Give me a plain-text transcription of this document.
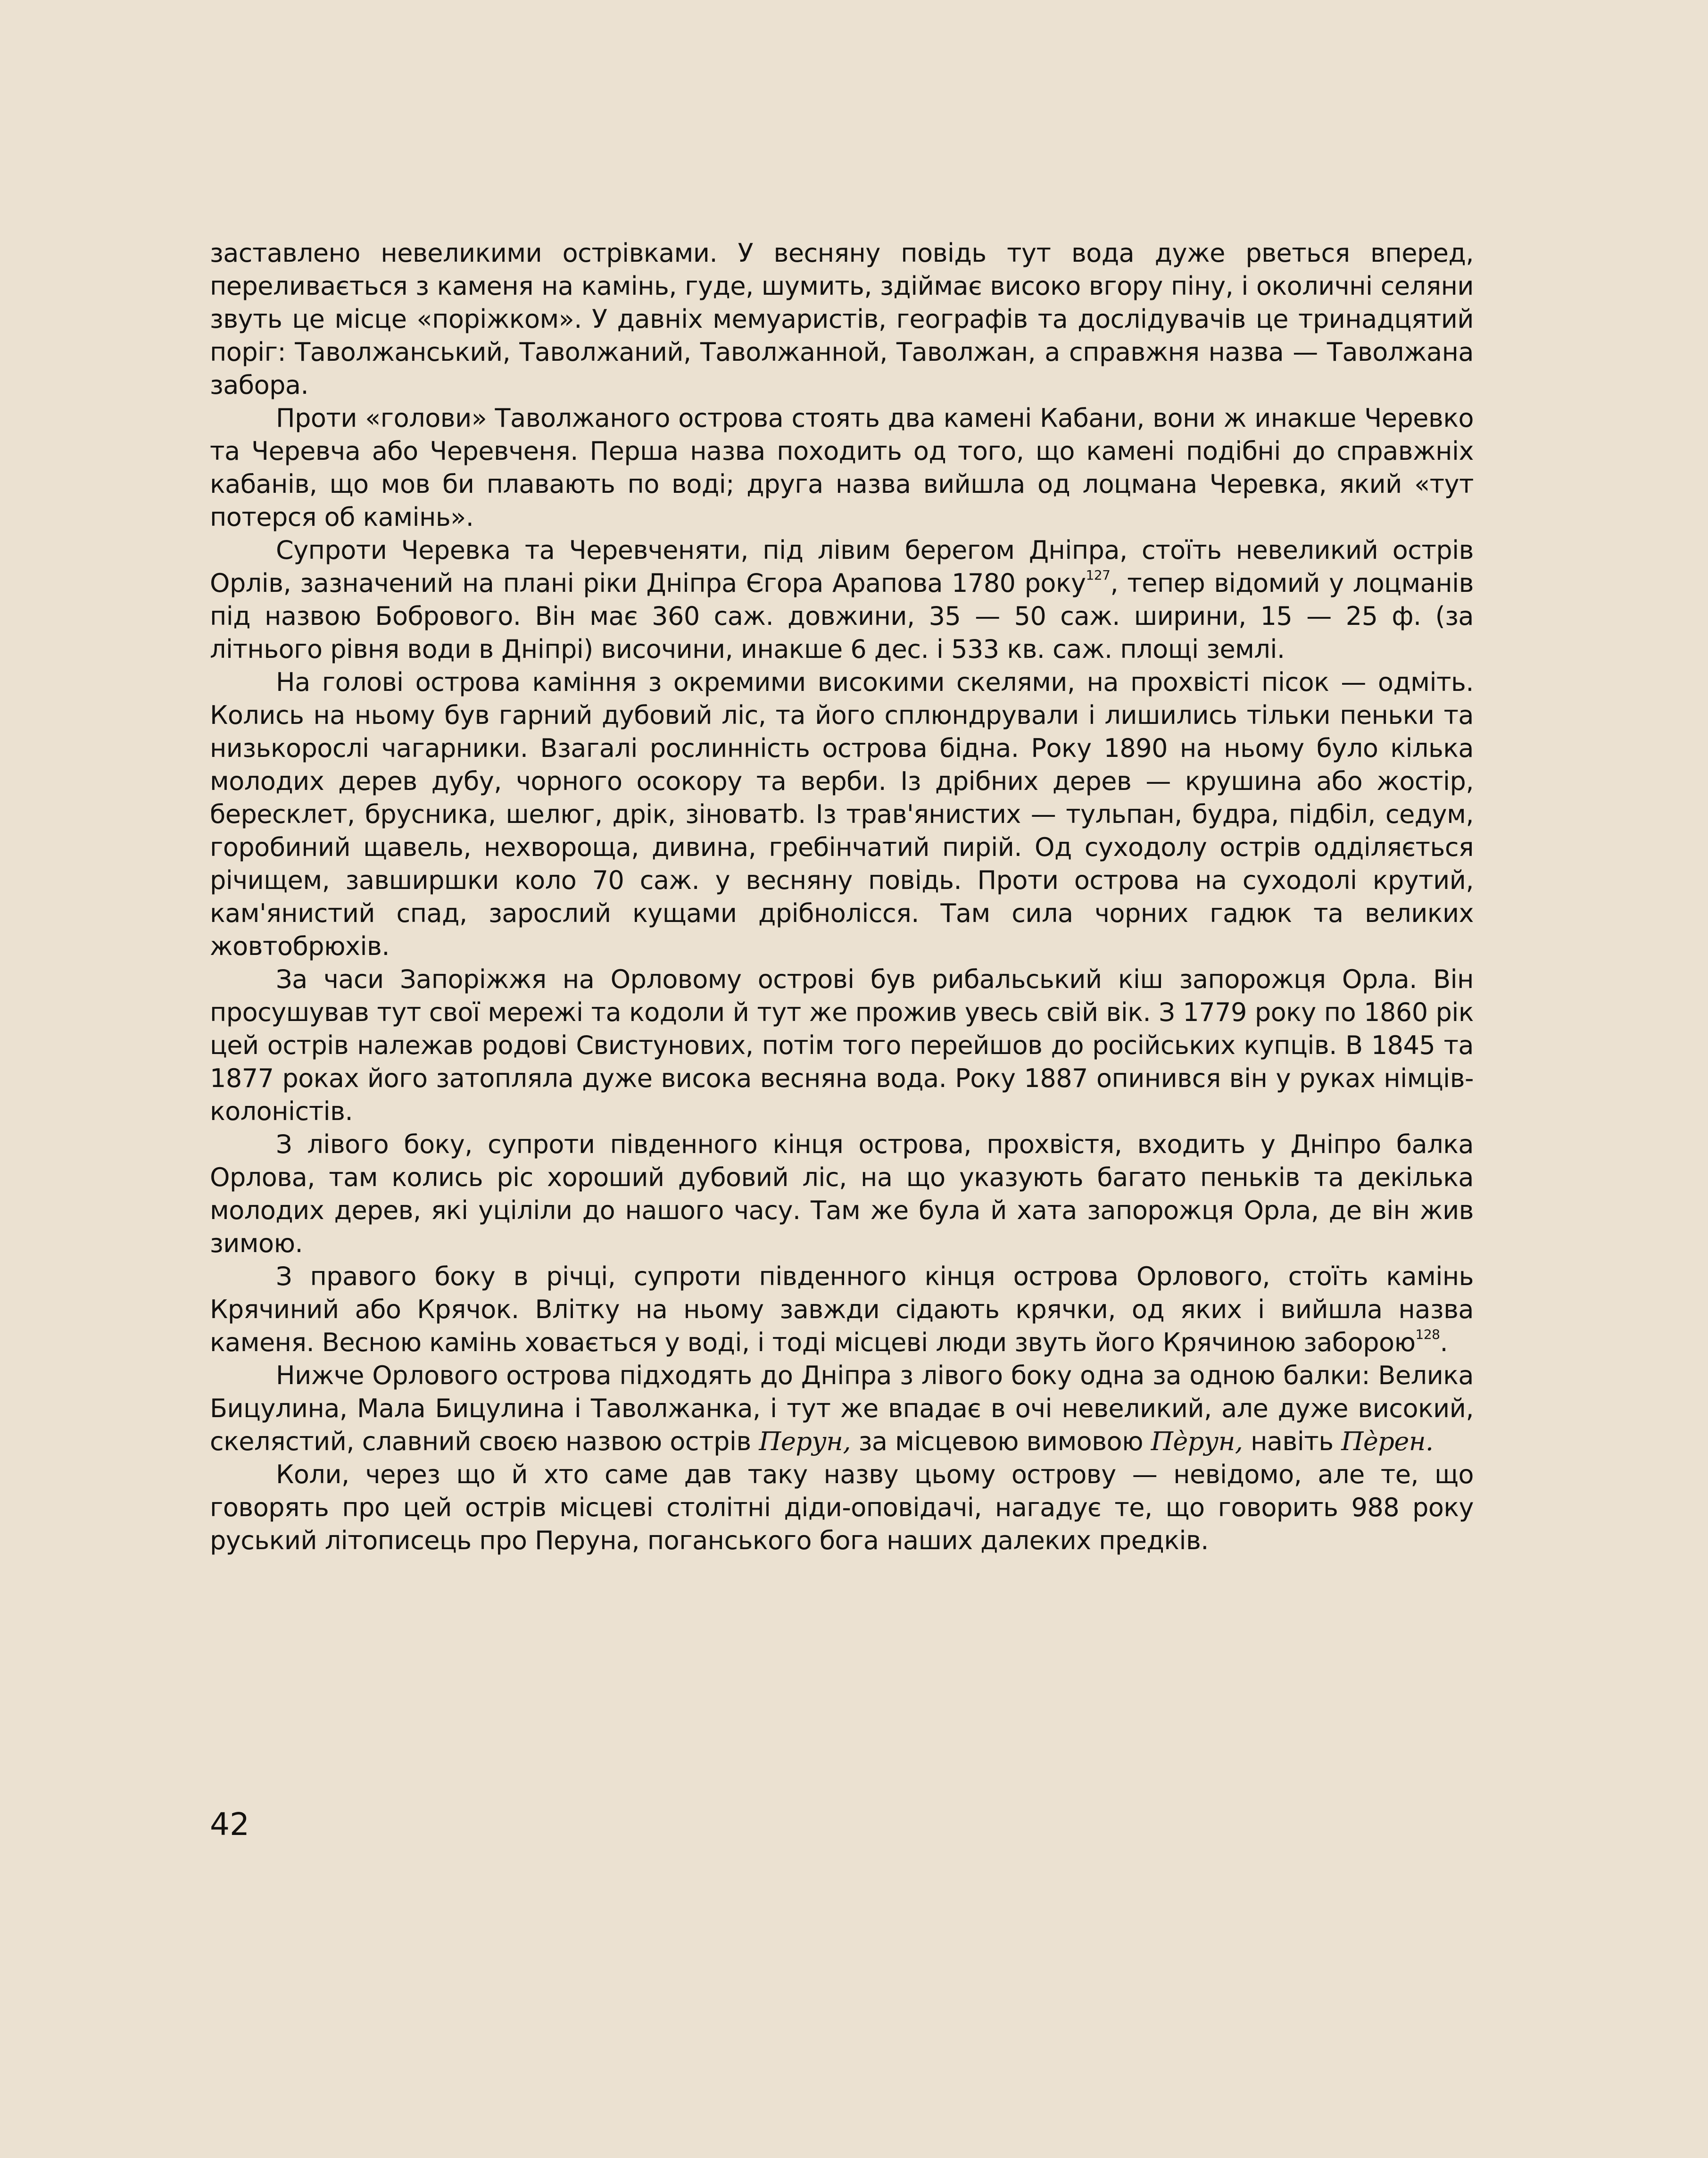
заставлено невеликими острівками. У весняну повідь тут вода дуже рветься вперед, переливається з каменя на камінь, гуде, шумить, здіймає високо вгору піну, і околичні селяни звуть це місце «поріжком». У давніх мемуаристів, географів та дослідувачів це тринадцятий поріг: Таволжанський, Таволжаний, Таволжанной, Таволжан, а справжня назва — Таволжана забора.

Проти «голови» Таволжаного острова стоять два камені Кабани, вони ж инакше Черевко та Черевча або Черевченя. Перша назва походить од того, що камені подібні до справжніх кабанів, що мов би плавають по воді; друга назва вийшла од лоцмана Черевка, який «тут потерся об камінь».

Супроти Черевка та Черевченяти, під лівим берегом Дніпра, стоїть невеликий острів Орлів, зазначений на плані ріки Дніпра Єгора Арапова 1780 року$^{127}$, тепер відомий у лоцманів під назвою Бобрового. Він має 360 саж. довжини, 35 — 50 саж. ширини, 15 — 25 ф. (за літнього рівня води в Дніпрі) височини, инакше 6 дес. і 533 кв. саж. площі землі.

На голові острова каміння з окремими високими скелями, на прохвісті пісок — одміть. Колись на ньому був гарний дубовий ліс, та його сплюндрували і лишились тільки пеньки та низькорослі чагарники. Взагалі рослинність острова бідна. Року 1890 на ньому було кілька молодих дерев дубу, чорного осокору та верби. Із дрібних дерев — крушина або жостір, бересклет, брусника, шелюг, дрік, зіноватb. Із трав'янистих — тульпан, будра, підбіл, седум, горобиний щавель, нехвороща, дивина, гребінчатий пирій. Од суходолу острів одділяється річищем, завширшки коло 70 саж. у весняну повідь. Проти острова на суходолі крутий, кам'янистий спад, зарослий кущами дрібнолісся. Там сила чорних гадюк та великих жовтобрюхів.

За часи Запоріжжя на Орловому острові був рибальський кіш запорожця Орла. Він просушував тут свої мережі та кодоли й тут же прожив увесь свій вік. З 1779 року по 1860 рік цей острів належав родові Свистунових, потім того перейшов до російських купців. В 1845 та 1877 роках його затопляла дуже висока весняна вода. Року 1887 опинився він у руках німців-колоністів.

З лівого боку, супроти південного кінця острова, прохвістя, входить у Дніпро балка Орлова, там колись ріс хороший дубовий ліс, на що указують багато пеньків та декілька молодих дерев, які уціліли до нашого часу. Там же була й хата запорожця Орла, де він жив зимою.

З правого боку в річці, супроти південного кінця острова Орлового, стоїть камінь Крячиний або Крячок. Влітку на ньому завжди сідають крячки, од яких і вийшла назва каменя. Весною камінь ховається у воді, і тоді місцеві люди звуть його Крячиною заборою$^{128}$.

Нижче Орлового острова підходять до Дніпра з лівого боку одна за одною балки: Велика Бицулина, Мала Бицулина і Таволжанка, і тут же впадає в очі невеликий, але дуже високий, скелястий, славний своєю назвою острів Перун, за місцевою вимовою Пѐрун, навіть Пѐрен.

Коли, через що й хто саме дав таку назву цьому острову — невідомо, але те, що говорять про цей острів місцеві столітні діди-оповідачі, нагадує те, що говорить 988 року руський літописець про Перуна, поганського бога наших далеких предків.

42
